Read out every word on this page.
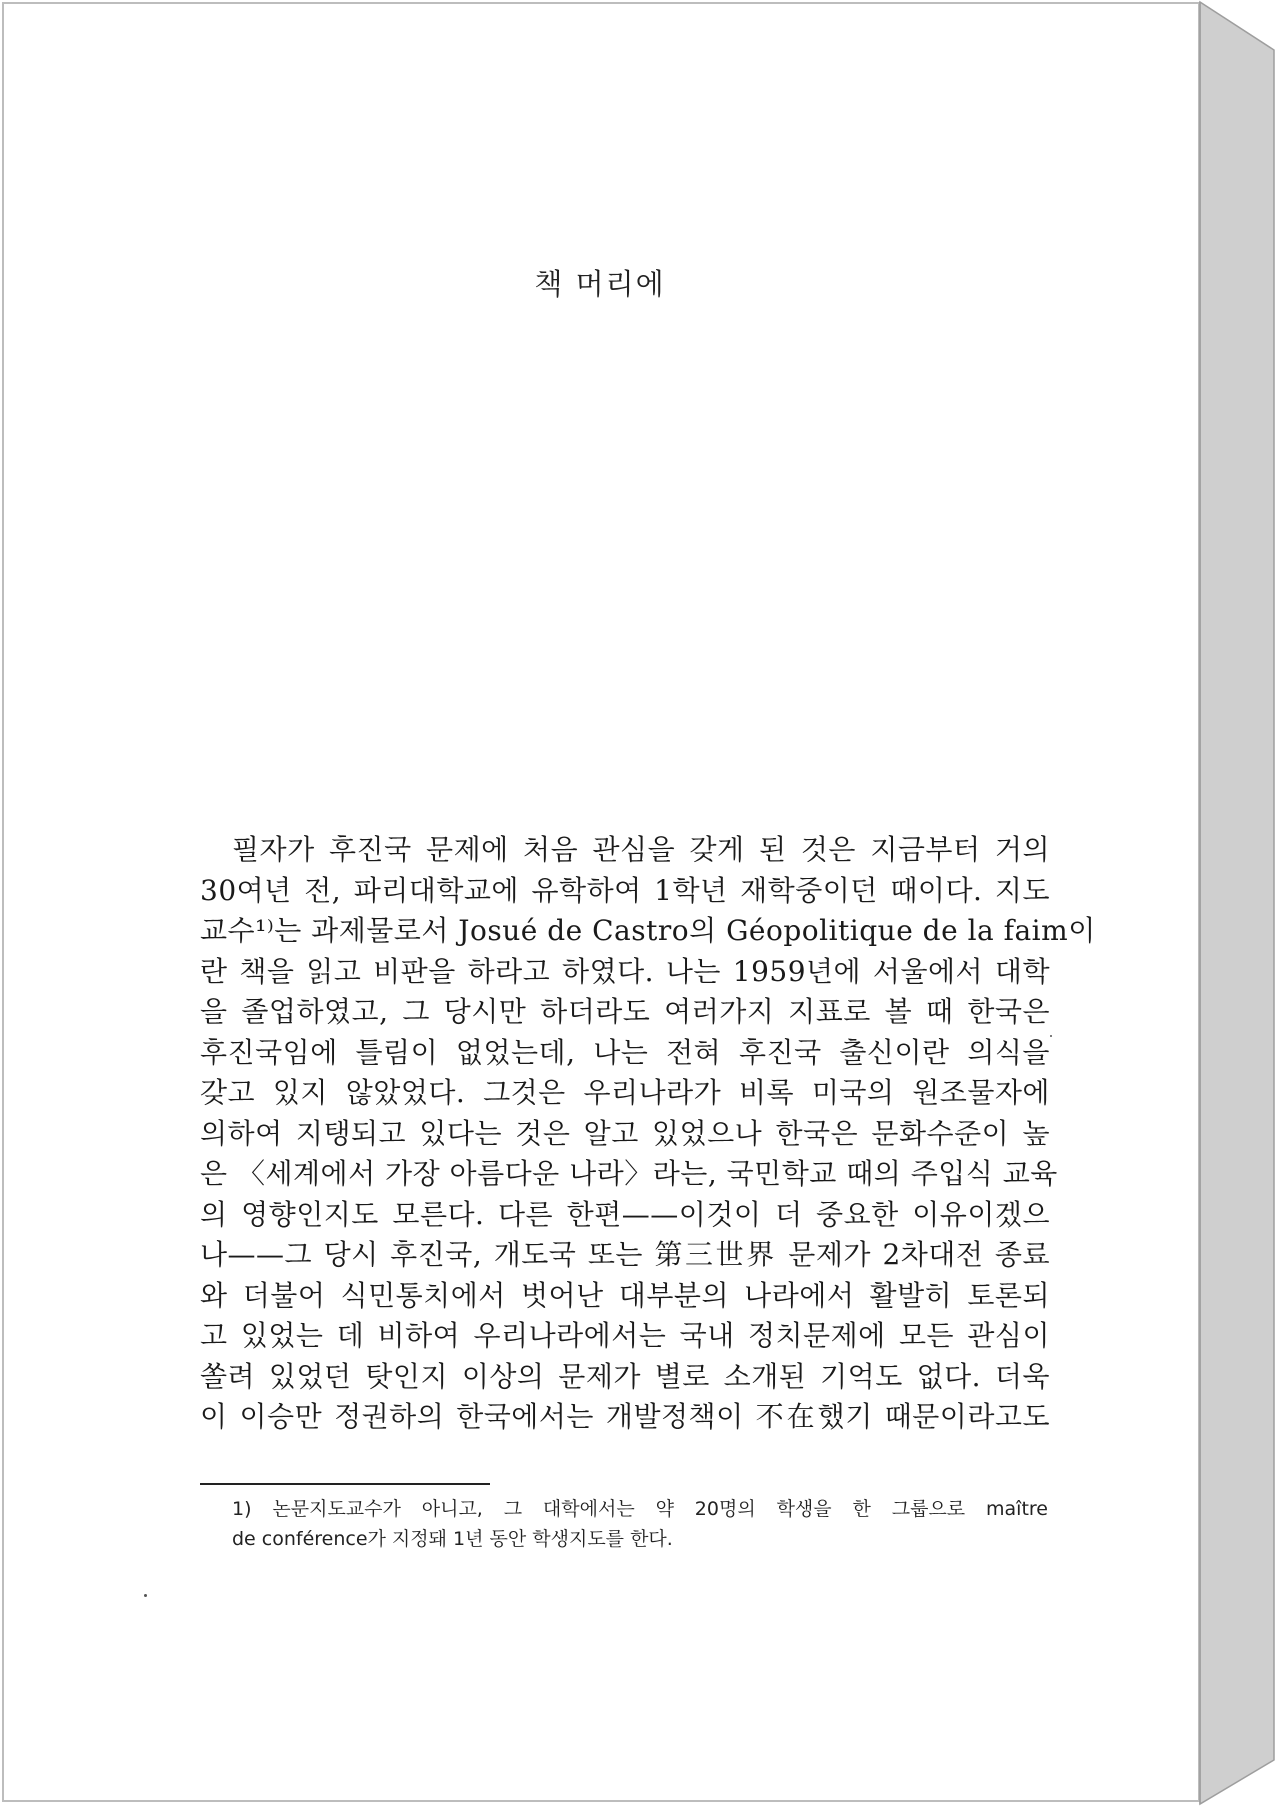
책 머리에
필자가 후진국 문제에 처음 관심을 갖게 된 것은 지금부터 거의
30여년 전, 파리대학교에 유학하여 1학년 재학중이던 때이다. 지도
교수¹⁾는 과제물로서 Josué de Castro의 Géopolitique de la faim이
란 책을 읽고 비판을 하라고 하였다. 나는 1959년에 서울에서 대학
을 졸업하였고, 그 당시만 하더라도 여러가지 지표로 볼 때 한국은
후진국임에 틀림이 없었는데, 나는 전혀 후진국 출신이란 의식을
갖고 있지 않았었다. 그것은 우리나라가 비록 미국의 원조물자에
의하여 지탱되고 있다는 것은 알고 있었으나 한국은 문화수준이 높
은 〈세계에서 가장 아름다운 나라〉라는, 국민학교 때의 주입식 교육
의 영향인지도 모른다. 다른 한편——이것이 더 중요한 이유이겠으
나——그 당시 후진국, 개도국 또는 第三世界 문제가 2차대전 종료
와 더불어 식민통치에서 벗어난 대부분의 나라에서 활발히 토론되
고 있었는 데 비하여 우리나라에서는 국내 정치문제에 모든 관심이
쏠려 있었던 탓인지 이상의 문제가 별로 소개된 기억도 없다. 더욱
이 이승만 정권하의 한국에서는 개발정책이 不在했기 때문이라고도
1) 논문지도교수가 아니고, 그 대학에서는 약 20명의 학생을 한 그룹으로 maître
de conférence가 지정돼 1년 동안 학생지도를 한다.
